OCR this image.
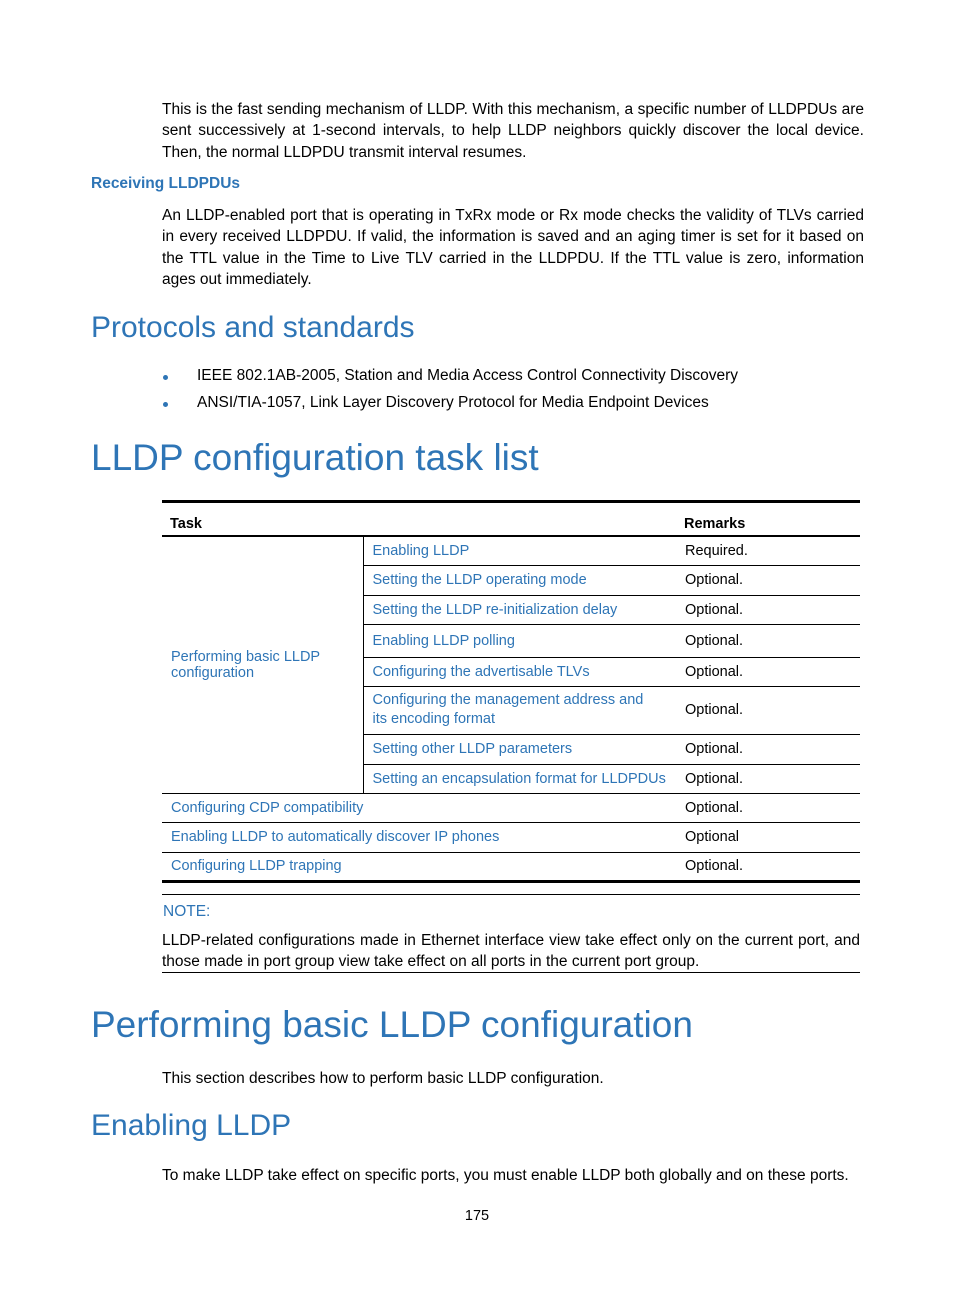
This is the fast sending mechanism of LLDP. With this mechanism, a specific number of LLDPDUs are sent successively at 1-second intervals, to help LLDP neighbors quickly discover the local device. Then, the normal LLDPDU transmit interval resumes.
Receiving LLDPDUs
An LLDP-enabled port that is operating in TxRx mode or Rx mode checks the validity of TLVs carried in every received LLDPDU. If valid, the information is saved and an aging timer is set for it based on the TTL value in the Time to Live TLV carried in the LLDPDU. If the TTL value is zero, information ages out immediately.
Protocols and standards
IEEE 802.1AB-2005, Station and Media Access Control Connectivity Discovery
ANSI/TIA-1057, Link Layer Discovery Protocol for Media Endpoint Devices
LLDP configuration task list
Task		Remarks
Performing basic LLDP configuration	Enabling LLDP	Required.
	Setting the LLDP operating mode	Optional.
	Setting the LLDP re-initialization delay	Optional.
	Enabling LLDP polling	Optional.
	Configuring the advertisable TLVs	Optional.
	Configuring the management address and its encoding format	Optional.
	Setting other LLDP parameters	Optional.
	Setting an encapsulation format for LLDPDUs	Optional.
Configuring CDP compatibility		Optional.
Enabling LLDP to automatically discover IP phones		Optional
Configuring LLDP trapping		Optional.
NOTE:
LLDP-related configurations made in Ethernet interface view take effect only on the current port, and those made in port group view take effect on all ports in the current port group.
Performing basic LLDP configuration
This section describes how to perform basic LLDP configuration.
Enabling LLDP
To make LLDP take effect on specific ports, you must enable LLDP both globally and on these ports.
175
